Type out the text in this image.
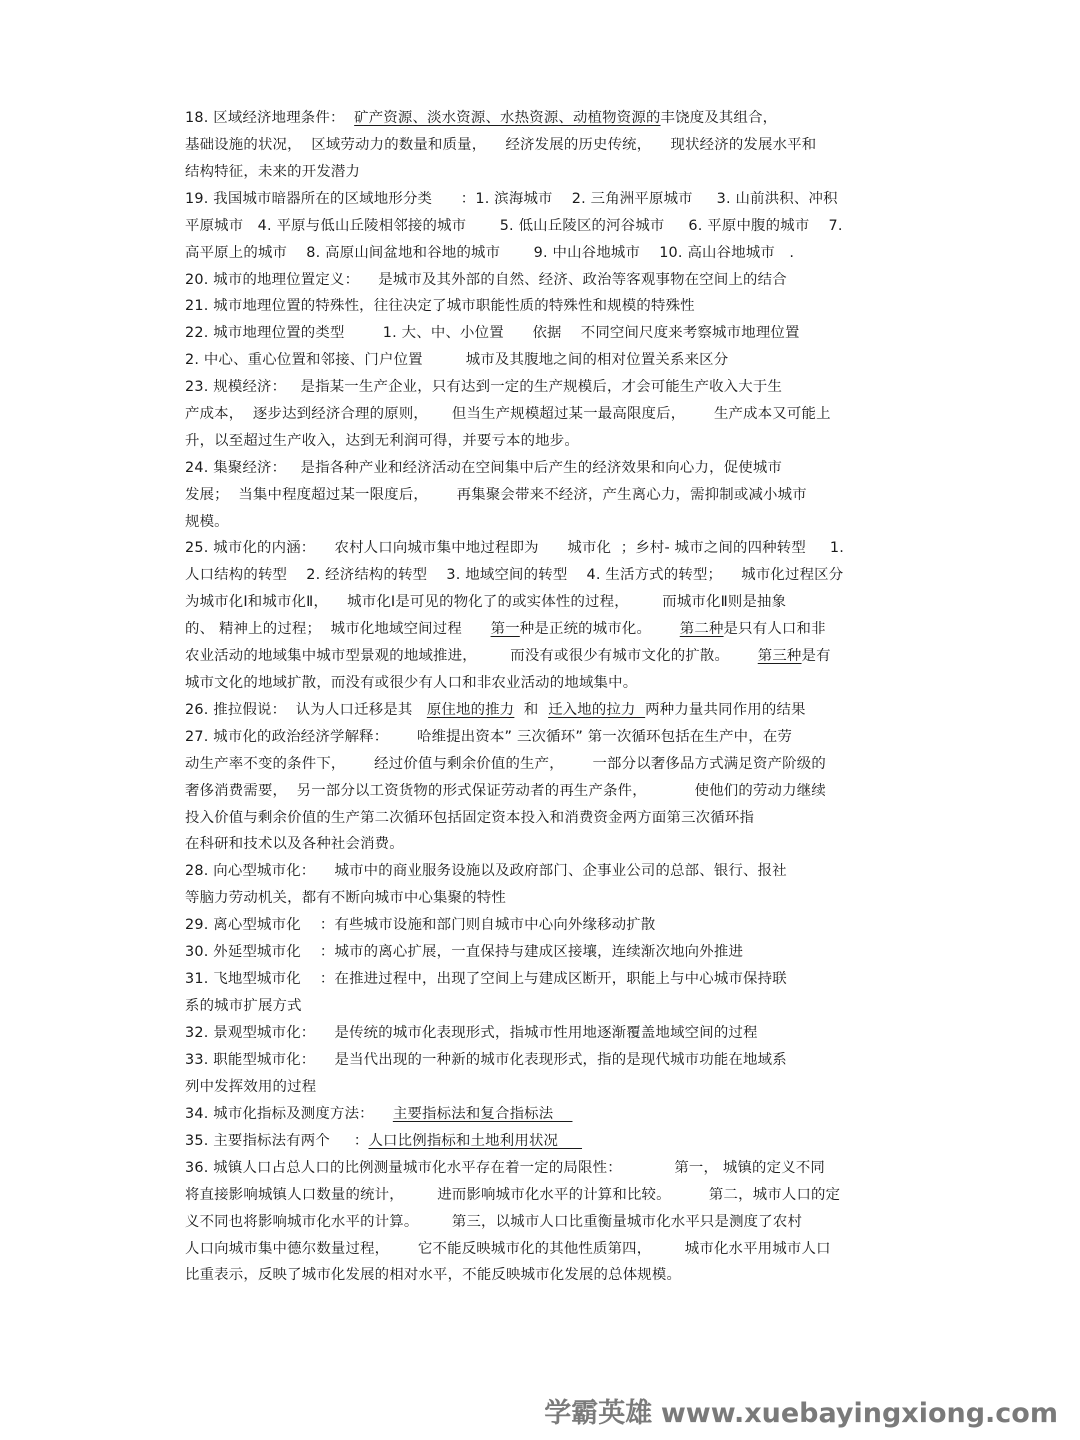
18. 区域经济地理条件：  矿产资源、淡水资源、水热资源、动植物资源的丰饶度及其组合，
基础设施的状况，  区域劳动力的数量和质量，    经济发展的历史传统，    现状经济的发展水平和
结构特征，未来的开发潜力
19. 我国城市暗器所在的区域地形分类      ：1. 滨海城市    2. 三角洲平原城市     3. 山前洪积、冲积
平原城市   4. 平原与低山丘陵相邻接的城市       5. 低山丘陵区的河谷城市     6. 平原中腹的城市    7.
高平原上的城市    8. 高原山间盆地和谷地的城市       9. 中山谷地城市    10. 高山谷地城市   .
20. 城市的地理位置定义：    是城市及其外部的自然、经济、政治等客观事物在空间上的结合
21. 城市地理位置的特殊性，往往决定了城市职能性质的特殊性和规模的特殊性
22. 城市地理位置的类型        1. 大、中、小位置      依据    不同空间尺度来考察城市地理位置
2. 中心、重心位置和邻接、门户位置         城市及其腹地之间的相对位置关系来区分
23. 规模经济：   是指某一生产企业，只有达到一定的生产规模后，才会可能生产收入大于生
产成本，  逐步达到经济合理的原则，     但当生产规模超过某一最高限度后，      生产成本又可能上
升，以至超过生产收入，达到无利润可得，并要亏本的地步。
24. 集聚经济：   是指各种产业和经济活动在空间集中后产生的经济效果和向心力，促使城市
发展；  当集中程度超过某一限度后，      再集聚会带来不经济，产生离心力，需抑制或减小城市
规模。
25. 城市化的内涵：    农村人口向城市集中地过程即为      城市化  ；乡村- 城市之间的四种转型     1.
人口结构的转型    2. 经济结构的转型    3. 地域空间的转型    4. 生活方式的转型；    城市化过程区分
为城市化Ⅰ和城市化Ⅱ，    城市化Ⅰ是可见的物化了的或实体性的过程，       而城市化Ⅱ则是抽象
的、 精神上的过程；  城市化地域空间过程      第一种是正统的城市化。      第二种是只有人口和非
农业活动的地域集中城市型景观的地域推进，       而没有或很少有城市文化的扩散。      第三种是有
城市文化的地域扩散，而没有或很少有人口和非农业活动的地域集中。
26. 推拉假说：  认为人口迁移是其   原住地的推力  和  迁入地的拉力  两种力量共同作用的结果
27. 城市化的政治经济学解释：      哈维提出资本” 三次循环” 第一次循环包括在生产中，在劳
动生产率不变的条件下，      经过价值与剩余价值的生产，      一部分以奢侈品方式满足资产阶级的
奢侈消费需要，  另一部分以工资货物的形式保证劳动者的再生产条件，          使他们的劳动力继续
投入价值与剩余价值的生产第二次循环包括固定资本投入和消费资金两方面第三次循环指
在科研和技术以及各种社会消费。
28. 向心型城市化：    城市中的商业服务设施以及政府部门、企事业公司的总部、银行、报社
等脑力劳动机关，都有不断向城市中心集聚的特性
29. 离心型城市化    ：有些城市设施和部门则自城市中心向外缘移动扩散
30. 外延型城市化    ：城市的离心扩展，一直保持与建成区接壤，连续渐次地向外推进
31. 飞地型城市化    ：在推进过程中，出现了空间上与建成区断开，职能上与中心城市保持联
系的城市扩展方式
32. 景观型城市化：    是传统的城市化表现形式，指城市性用地逐渐覆盖地域空间的过程
33. 职能型城市化：    是当代出现的一种新的城市化表现形式，指的是现代城市功能在地域系
列中发挥效用的过程
34. 城市化指标及测度方法：    主要指标法和复合指标法
35. 主要指标法有两个     ：人口比例指标和土地利用状况
36. 城镇人口占总人口的比例测量城市化水平存在着一定的局限性：           第一， 城镇的定义不同
将直接影响城镇人口数量的统计，       进而影响城市化水平的计算和比较。        第二，城市人口的定
义不同也将影响城市化水平的计算。       第三，以城市人口比重衡量城市化水平只是测度了农村
人口向城市集中德尔数量过程，      它不能反映城市化的其他性质第四，       城市化水平用城市人口
比重表示，反映了城市化发展的相对水平，不能反映城市化发展的总体规模。
学霸英雄 www.xuebayingxiong.com
